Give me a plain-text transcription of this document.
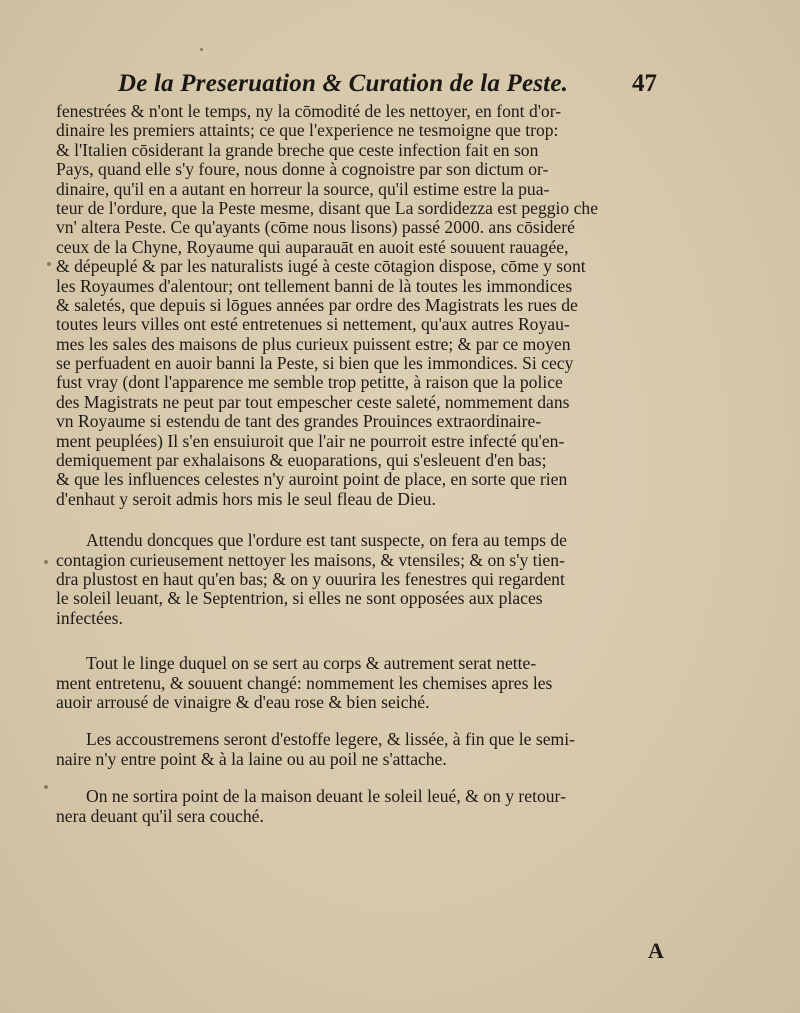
De la Preseruation & Curation de la Peste.	47
fenestrées & n'ont le temps, ny la cōmodité de les nettoyer, en font d'or-
dinaire les premiers attaints; ce que l'experience ne tesmoigne que trop:
& l'Italien cōsiderant la grande breche que ceste infection fait en son
Pays, quand elle s'y foure, nous donne à cognoistre par son dictum or-
dinaire, qu'il en a autant en horreur la source, qu'il estime estre la pua-
teur de l'ordure, que la Peste mesme, disant que La sordidezza est peggio che
vn' altera Peste. Ce qu'ayants (cōme nous lisons) passé 2000. ans cōsideré
ceux de la Chyne, Royaume qui auparauāt en auoit esté souuent rauagée,
& dépeuplé & par les naturalists iugé à ceste cōtagion dispose, cōme y sont
les Royaumes d'alentour; ont tellement banni de là toutes les immondices
& saletés, que depuis si lōgues années par ordre des Magistrats les rues de
toutes leurs villes ont esté entretenues si nettement, qu'aux autres Royau-
mes les sales des maisons de plus curieux puissent estre; & par ce moyen
se perfuadent en auoir banni la Peste, si bien que les immondices. Si cecy
fust vray (dont l'apparence me semble trop petitte, à raison que la police
des Magistrats ne peut par tout empescher ceste saleté, nommement dans
vn Royaume si estendu de tant des grandes Prouinces extraordinaire-
ment peuplées) Il s'en ensuiuroit que l'air ne pourroit estre infecté qu'en-
demiquement par exhalaisons & euoparations, qui s'esleuent d'en bas;
& que les influences celestes n'y auroint point de place, en sorte que rien
d'enhaut y seroit admis hors mis le seul fleau de Dieu.
Attendu doncques que l'ordure est tant suspecte, on fera au temps de
contagion curieusement nettoyer les maisons, & vtensiles; & on s'y tien-
dra plustost en haut qu'en bas; & on y ouurira les fenestres qui regardent
le soleil leuant, & le Septentrion, si elles ne sont opposées aux places
infectées.
Tout le linge duquel on se sert au corps & autrement serat nette-
ment entretenu, & souuent changé: nommement les chemises apres les
auoir arrousé de vinaigre & d'eau rose & bien seiché.
Les accoustremens seront d'estoffe legere, & lissée, à fin que le semi-
naire n'y entre point & à la laine ou au poil ne s'attache.
On ne sortira point de la maison deuant le soleil leué, & on y retour-
nera deuant qu'il sera couché.
A
